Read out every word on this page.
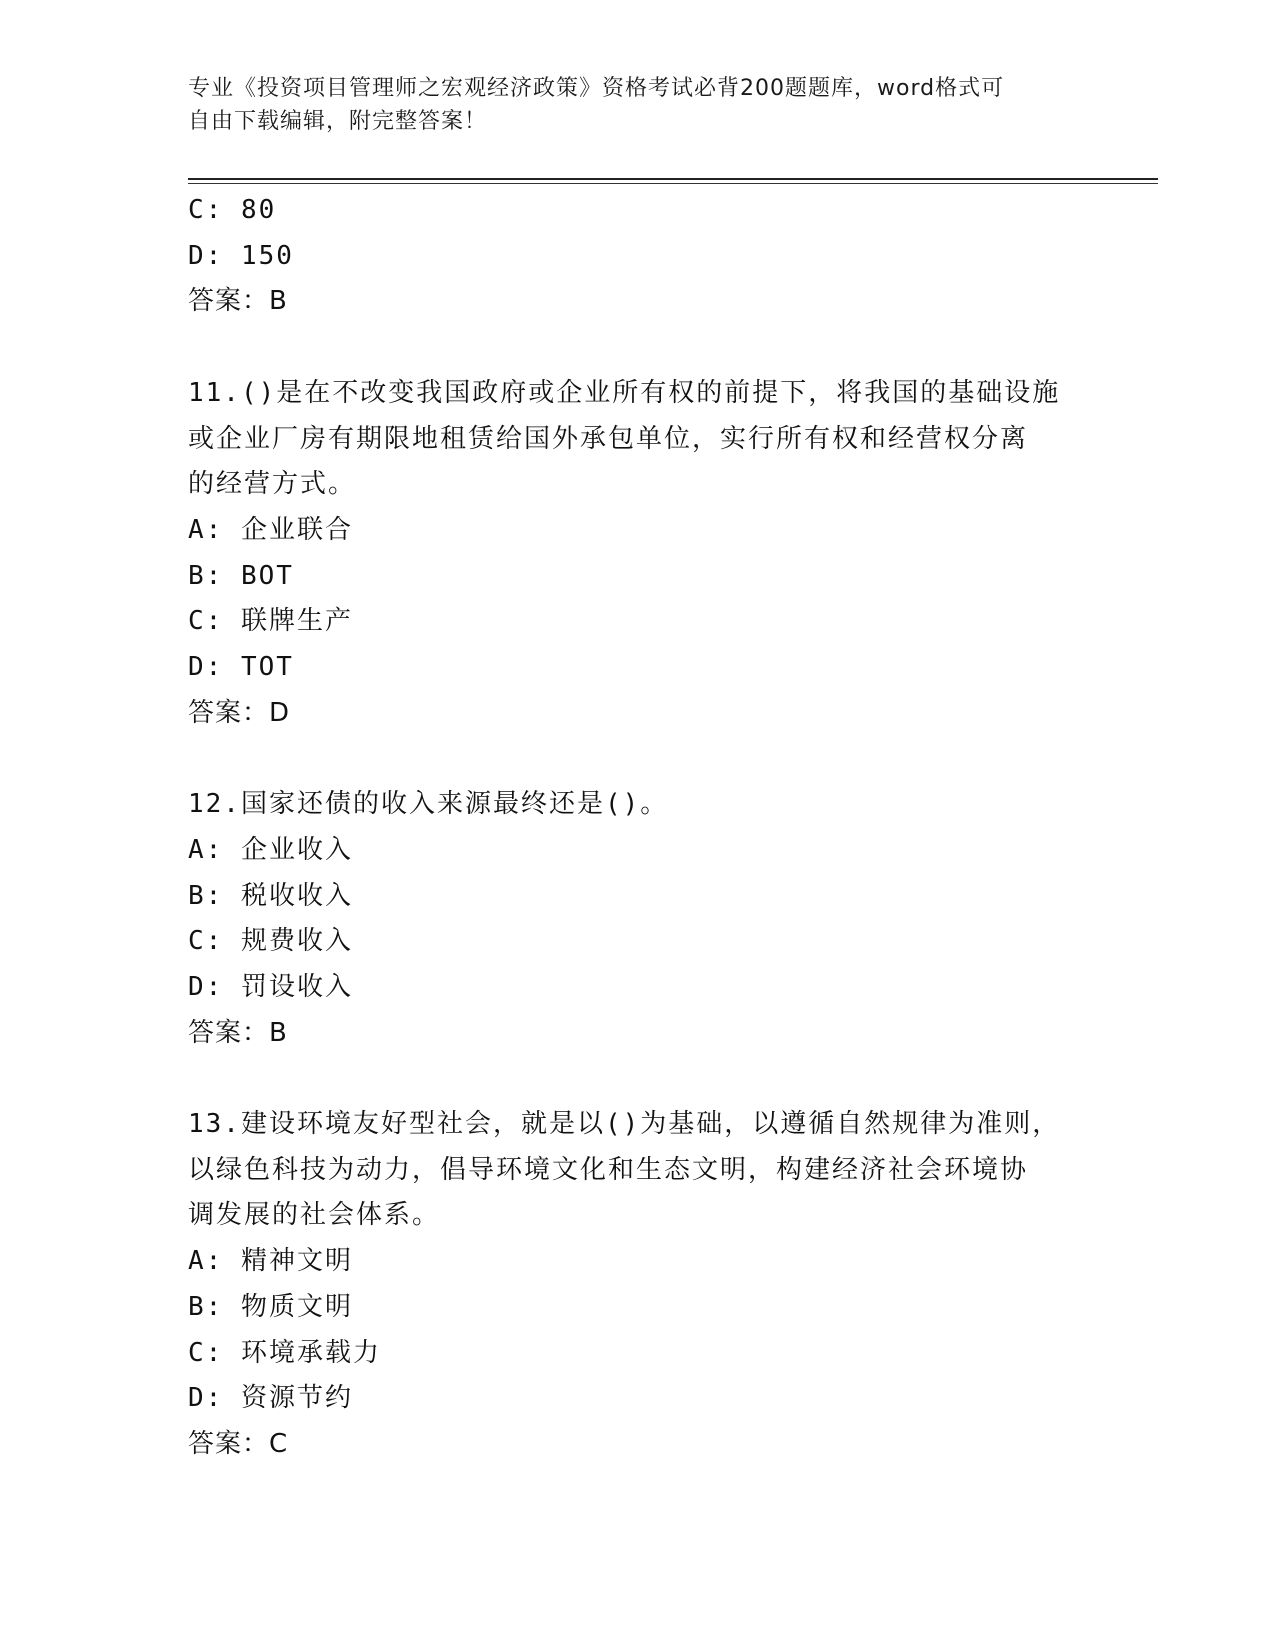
专业《投资项目管理师之宏观经济政策》资格考试必背200题题库，word格式可
自由下载编辑，附完整答案！
C: 80
D: 150
答案：B
11.()是在不改变我国政府或企业所有权的前提下，将我国的基础设施
或企业厂房有期限地租赁给国外承包单位，实行所有权和经营权分离
的经营方式。
A: 企业联合
B: BOT
C: 联牌生产
D: TOT
答案：D
12.国家还债的收入来源最终还是()。
A: 企业收入
B: 税收收入
C: 规费收入
D: 罚设收入
答案：B
13.建设环境友好型社会，就是以()为基础，以遵循自然规律为准则，
以绿色科技为动力，倡导环境文化和生态文明，构建经济社会环境协
调发展的社会体系。
A: 精神文明
B: 物质文明
C: 环境承载力
D: 资源节约
答案：C
